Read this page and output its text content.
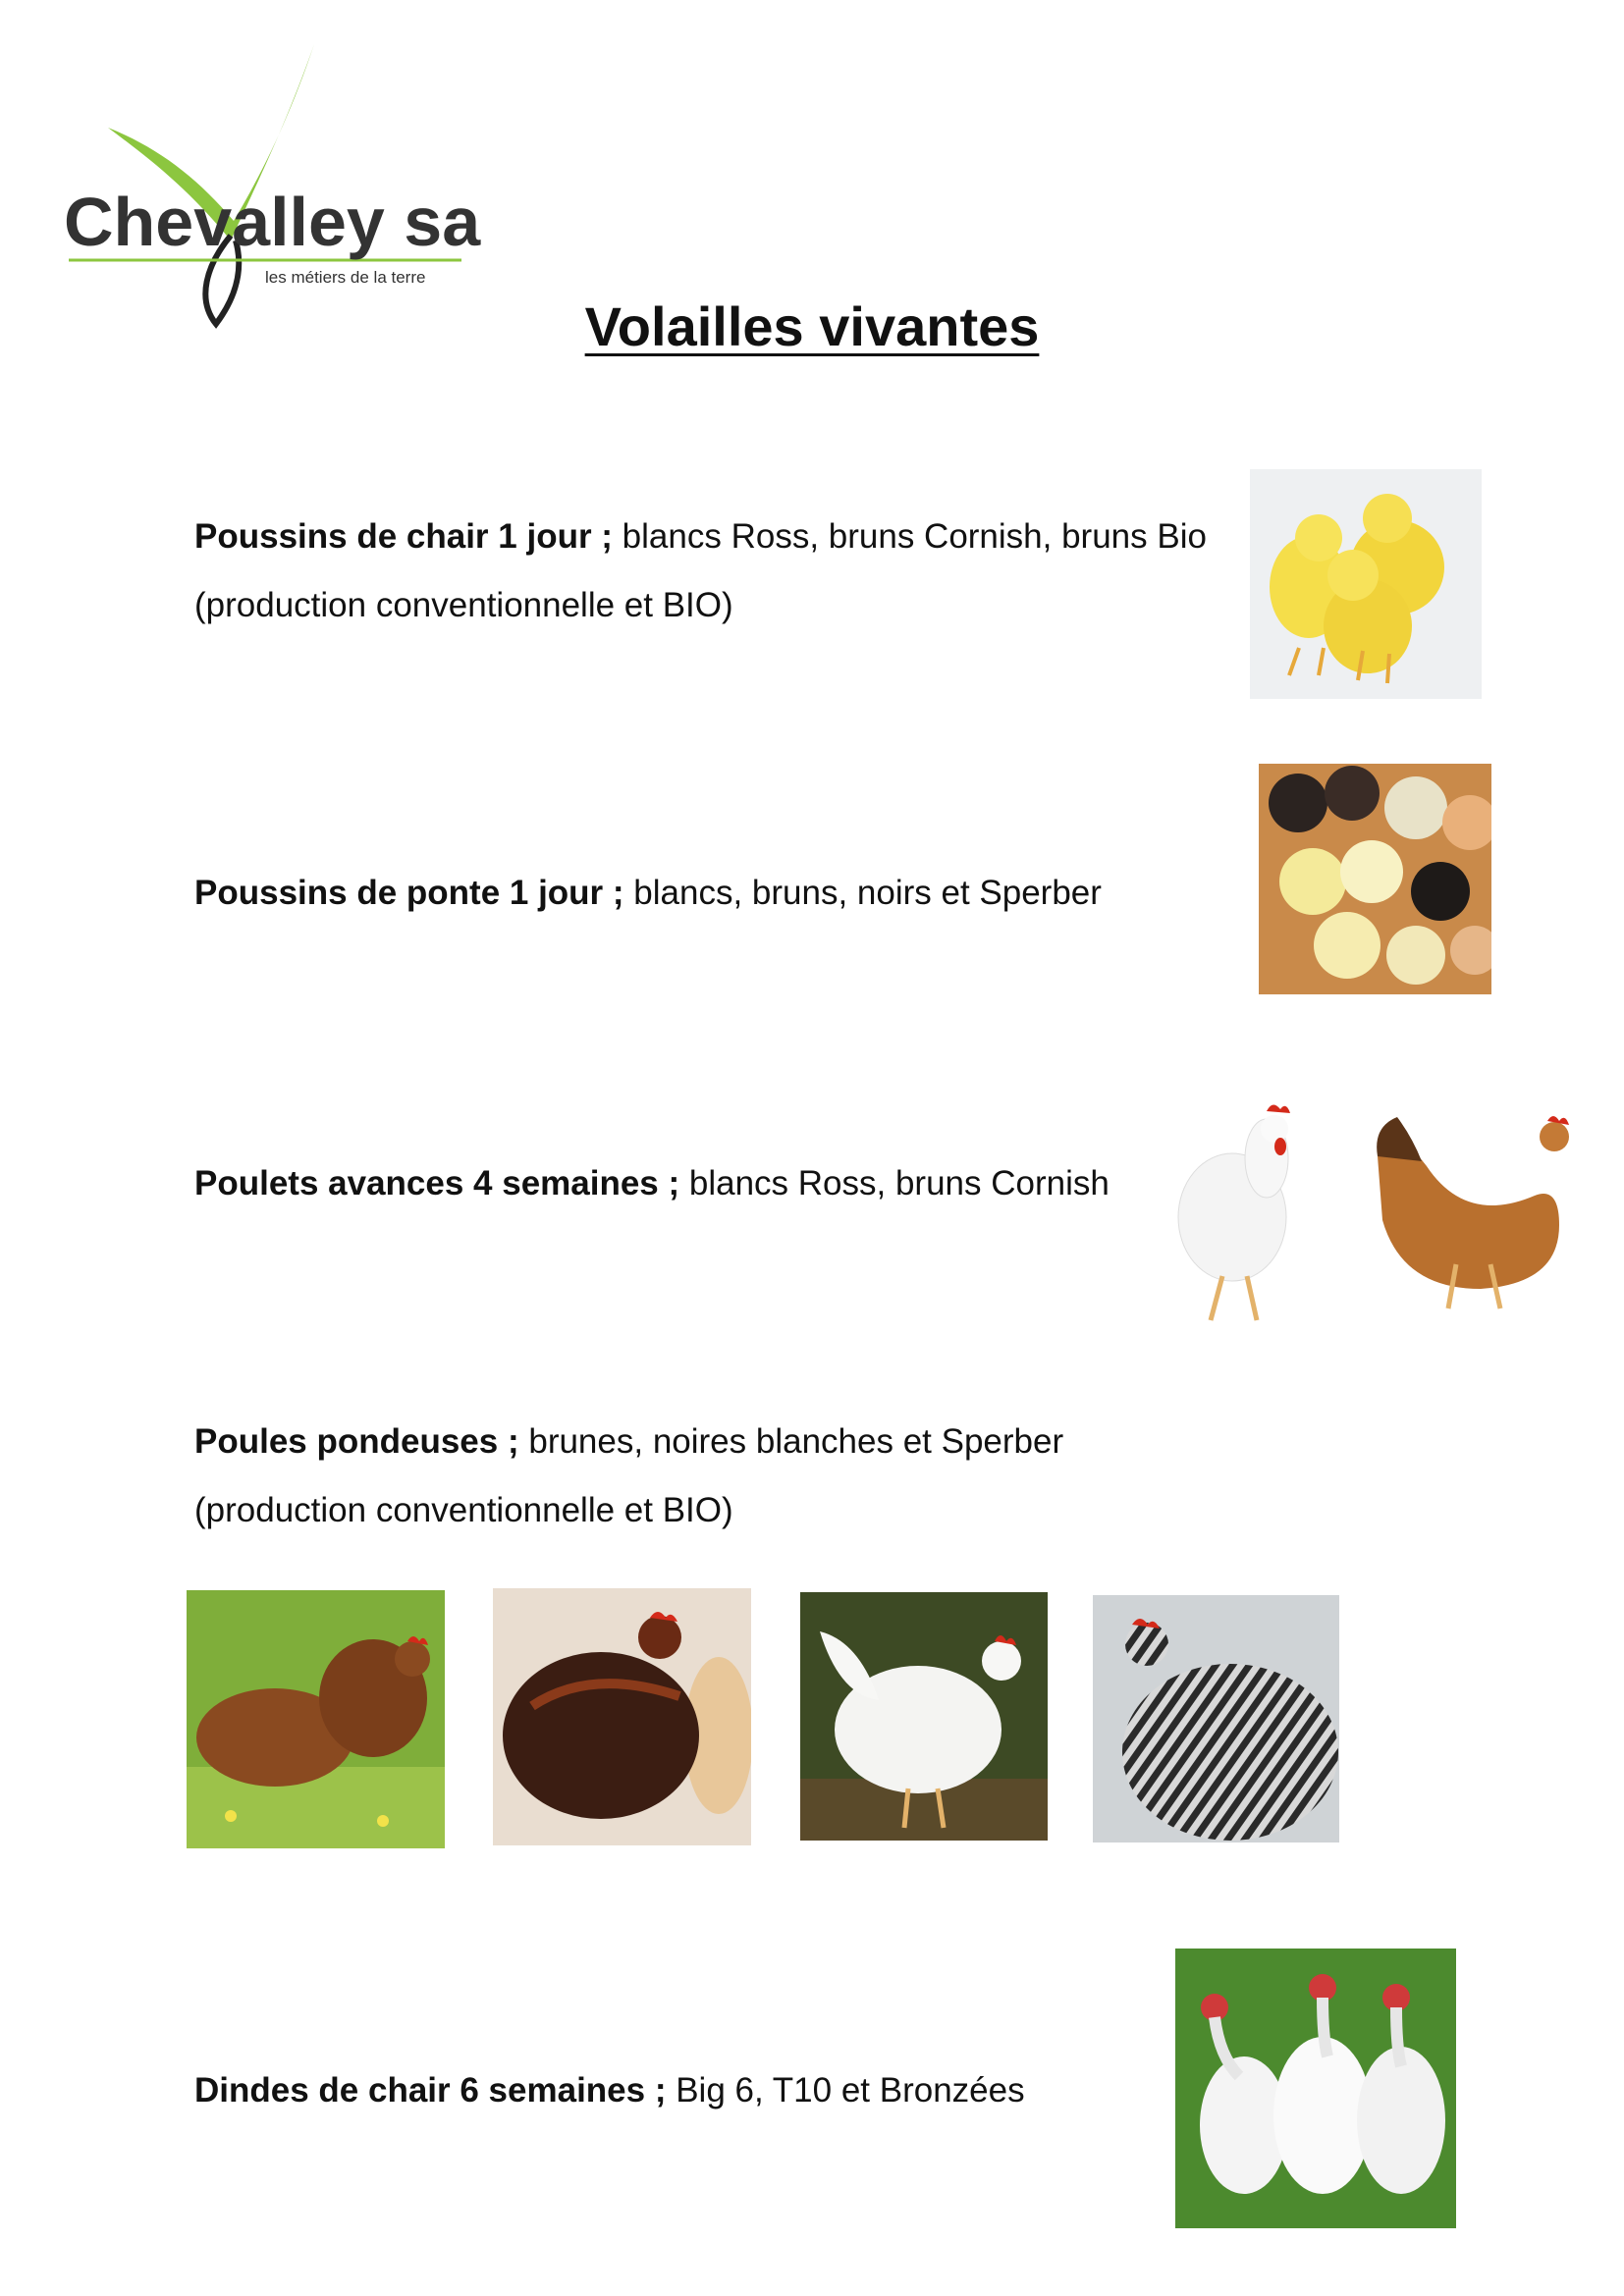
Chevalley sa
les métiers de la terre
Volailles vivantes
Poussins de chair 1 jour ; blancs Ross, bruns Cornish, bruns Bio
(production conventionnelle et BIO)
Poussins de ponte 1 jour ; blancs, bruns, noirs et Sperber
Poulets avances 4 semaines ; blancs Ross, bruns Cornish
Poules pondeuses ; brunes, noires blanches et Sperber
(production conventionnelle et BIO)
Dindes de chair 6 semaines ; Big 6, T10 et Bronzées
